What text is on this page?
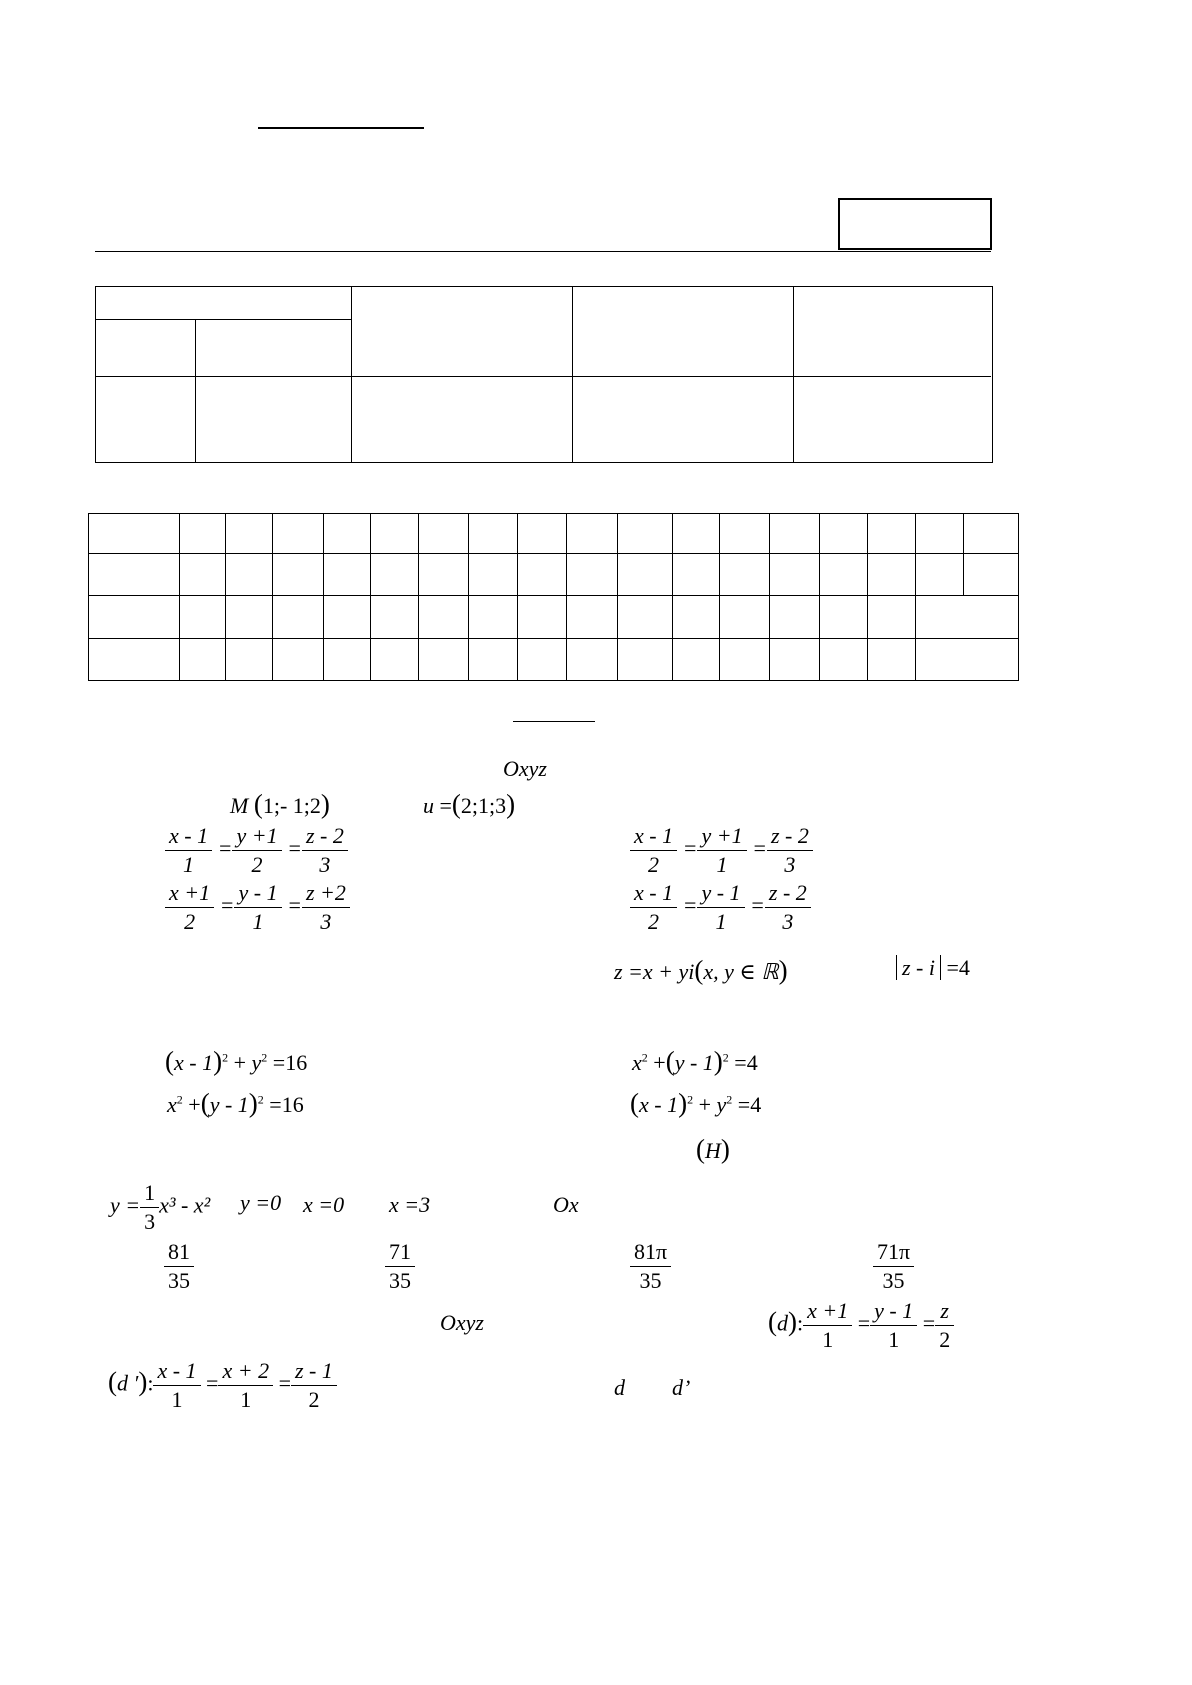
Oxyz
M (1;- 1;2)	u =(2;1;3)
$\frac{x - 1}{1} = \frac{y +1}{2} = \frac{z - 2}{3}$	$\frac{x - 1}{2} = \frac{y +1}{1} = \frac{z - 2}{3}$
$\frac{x +1}{2} = \frac{y - 1}{1} = \frac{z +2}{3}$	$\frac{x - 1}{2} = \frac{y - 1}{1} = \frac{z - 2}{3}$
z =x + yi(x, y ∈ ℝ)	z - i =4
$(x - 1)^2 + y^2 =16$	$x^2 +(y - 1)^2 =4$
$x^2 +(y - 1)^2 =16$	$(x - 1)^2 + y^2 =4$
(H)
$y = \frac{1}{3} x^3 - x^2$ y =0 x =0 x =3	Ox
$\frac{81}{35}$	$\frac{71}{35}$	$\frac{81\pi}{35}$	$\frac{71\pi}{35}$
Oxyz	(d): $\frac{x +1}{1} = \frac{y - 1}{1} = \frac{z}{2}$
(d ′): $\frac{x - 1}{1} = \frac{x + 2}{1} = \frac{z - 1}{2}$	d d’
